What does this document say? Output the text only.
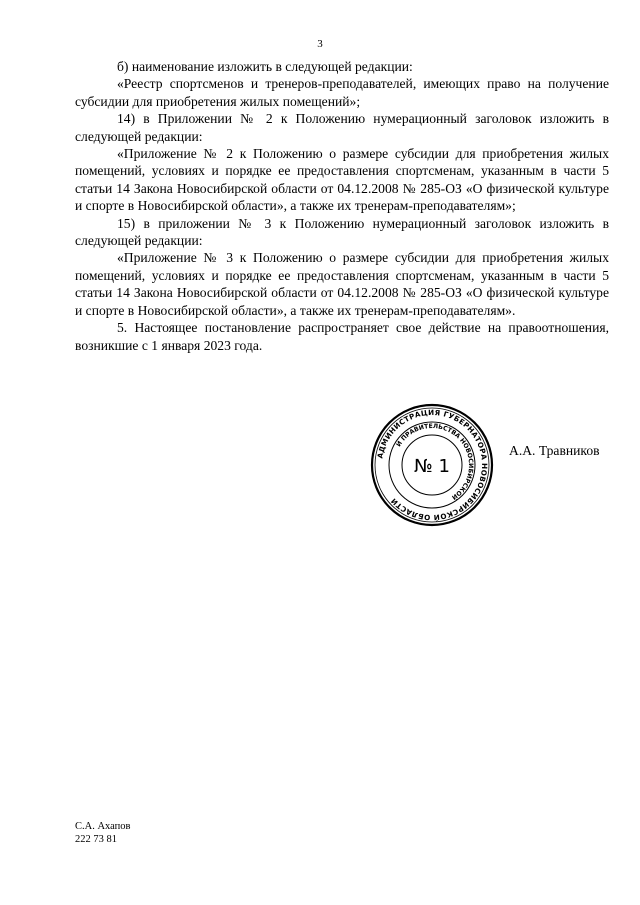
3

б) наименование изложить в следующей редакции:

«Реестр спортсменов и тренеров-преподавателей, имеющих право на получение субсидии для приобретения жилых помещений»;

14) в Приложении № 2 к Положению нумерационный заголовок изложить в следующей редакции:

«Приложение № 2 к Положению о размере субсидии для приобретения жилых помещений, условиях и порядке ее предоставления спортсменам, указанным в части 5 статьи 14 Закона Новосибирской области от 04.12.2008 № 285-ОЗ «О физической культуре и спорте в Новосибирской области», а также их тренерам-преподавателям»;

15) в приложении № 3 к Положению нумерационный заголовок изложить в следующей редакции:

«Приложение № 3 к Положению о размере субсидии для приобретения жилых помещений, условиях и порядке ее предоставления спортсменам, указанным в части 5 статьи 14 Закона Новосибирской области от 04.12.2008 № 285-ОЗ «О физической культуре и спорте в Новосибирской области», а также их тренерам-преподавателям».

5. Настоящее постановление распространяет свое действие на правоотношения, возникшие с 1 января 2023 года.

АДМИНИСТРАЦИЯ ГУБЕРНАТОРА НОВОСИБИРСКОЙ ОБЛАСТИ
И ПРАВИТЕЛЬСТВА НОВОСИБИРСКОЙ
№ 1
А.А. Травников
С.А. Ахапов
222 73 81
